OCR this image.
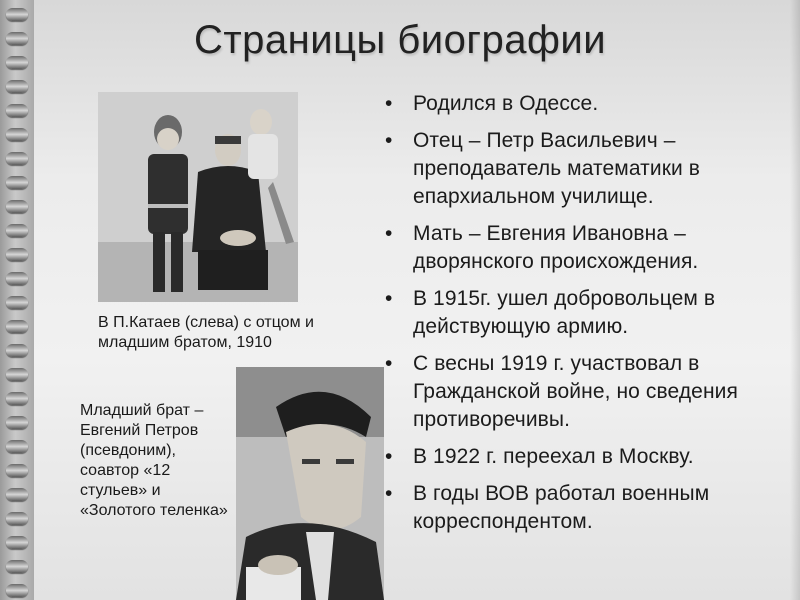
Страницы биографии
В П.Катаев (слева) с отцом и младшим братом, 1910
Младший брат – Евгений Петров (псевдоним), соавтор «12 стульев» и «Золотого теленка»
• Родился в Одессе.
• Отец – Петр Васильевич – преподаватель математики в епархиальном училище.
• Мать – Евгения Ивановна – дворянского происхождения.
• В 1915г. ушел добровольцем в действующую армию.
• С весны 1919 г. участвовал в Гражданской войне, но сведения противоречивы.
• В 1922 г. переехал в Москву.
• В годы ВОВ работал военным корреспондентом.
